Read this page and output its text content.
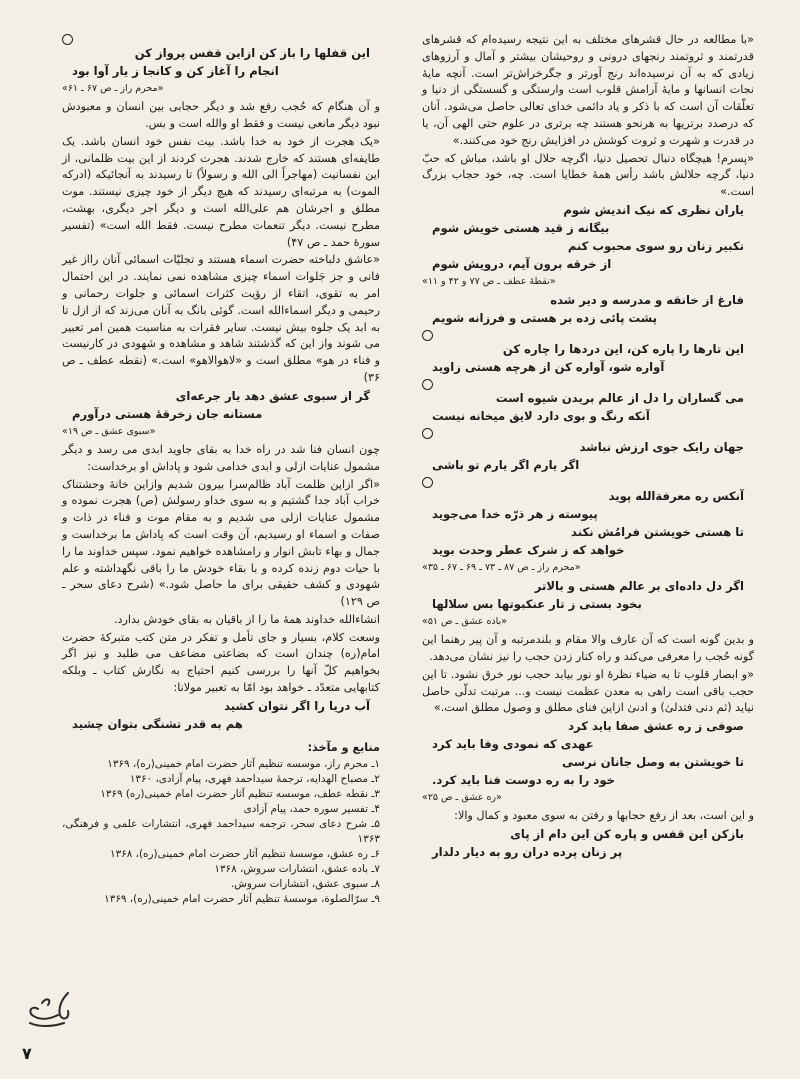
«با مطالعه در حال قشرهای مختلف به این نتیجه رسیده‌ام که قشرهای قدرتمند و ثروتمند رنجهای درونی و روحیشان بیشتر و آمال و آرزوهای زیادی که به آن نرسیده‌اند رنج آورتر و جگرخراش‌تر است. آنچه مایهٔ نجات انسانها و مایهٔ آرامش قلوب است وارستگی و گسستگی از دنیا و تعلّقات آن است که با ذکر و یاد دائمی خدای تعالی حاصل می‌شود. آنان که درصدد برتریها به هرنحو هستند چه برتری در علوم حتی الهی آن، یا در قدرت و شهرت و ثروت کوشش در افزایش رنج خود می‌کنند.»

«پسرم! هیچگاه دنبال تحصیل دنیا، اگرچه حلال او باشد، مباش که حبّ دنیا، گرچه حلالش باشد رأس همهٔ خطایا است. چه، خود حجاب بزرگ است.»

یاران نظری که نیک اندیش شوم
بیگانه ز قید هستی خویش شوم
تکبیر زنان رو سوی محبوب کنم
از خرقه برون آیم، درویش شوم
«نقطهٔ عطف ـ ص ۷۷ و ۴۲ و ۱۱»
فارغ از خانقه و مدرسه و دیر شده
پشت پائی زده بر هستی و فرزانه شویم
این تارها را پاره کن، این دردها را چاره کن
آواره شو، آواره کن از هرچه هستی زاوید
می گساران را دل از عالم بریدن شیوه است
آنکه رنگ و بوی دارد لایق میخانه نیست
جهان رایک جوی ارزش نباشد
اگر یارم اگر یارم تو باشی
آنکس ره معرفةالله پوید
پیوسته ز هر ذرّه خدا می‌جوید
تا هستی خویشتن فرامُش نکند
خواهد که ز شرک عطر وحدت بوید
«محرم راز ـ ص ۸۷ ـ ۷۳ ـ ۶۹ ـ ۶۷ ـ ۳۵»
اگر دل داده‌ای بر عالم هستی و بالاتر
بخود بستی ز تار عنکبوتها بس سلالها
«باده عشق ـ ص ۵۱»

و بدین گونه است که آن عارف والا مقام و بلندمرتبه و آن پیر رهنما این گونه حُجب را معرفی می‌کند و راه کنار زدن حجب را نیز نشان می‌دهد.

«و ابصار قلوب تا به ضیاء نظرهٔ او نور بیابد حجب نور خرق نشود. تا این حجب باقی است راهی به معدن عظمت نیست و... مرتبت تدلّی حاصل نیاید (ثم دنی فتدلیٰ) و ادنیٰ ازاین فنای مطلق و وصول مطلق است.»

صوفی ز ره عشق صفا باید کرد
عهدی که نمودی وفا باید کرد
تا خویشتن به وصل جانان نرسی
خود را به ره دوست فنا باید کرد.
«ره عشق ـ ص ۲۵»

و این است، بعد از رفع حجابها و رفتن به سوی معبود و کمال والا:

بازکن این قفس و پاره کن این دام از پای
پر زنان پرده دران رو به دیار دلدار
این قفلها را باز کن ازاین قفس پرواز کن
انجام را آغاز کن و کانجا ز یار آوا بود
«محرم راز ـ ص ۶۷ ـ ۶۱»

و آن هنگام که حُجب رفع شد و دیگر حجابی بین انسان و معبودش نبود دیگر مانعی نیست و فقط او والله است و بس.

«یک هجرت از خود به خدا باشد. بیت نفس خود انسان باشد. یک طایفه‌ای هستند که خارج شدند. هجرت کردند از این بیت ظلمانی، از این نفسانیت (مهاجراً الی الله و رسولاً) تا رسیدند به آنجائیکه (ادرکه الموت) به مرتبه‌ای رسیدند که هیچ دیگر از خود چیزی نیستند. موت مطلق و اجرشان هم علی‌الله است و دیگر اجر دیگری، بهشت، مطرح نیست. دیگر تنعمات مطرح نیست. فقط الله است» (تفسیر سورهٔ حمد ـ ص ۴۷)

«عاشق دلباخته حضرت اسماء هستند و تجلیّات اسمائی آنان رااز غیر فانی و جز جَلوات اسماء چیزی مشاهده نمی نمایند. در این احتمال امر به تقوی، اتقاء از رؤیت کثرات اسمائی و جلوات رحمانی و رحیمی و دیگر اسماءالله است. گوئی بانگ به آنان می‌زند که از ازل تا به ابد یک جلوه بیش نیست. سایر فقرات به مناسبت همین امر تعبیر می شوند واز این که گذشتند شاهد و مشاهده و شهودی در کارنیست و فناء در هو» مطلق است و «لاهوالاهو» است.» (نقطه عطف ـ ص ۳۶)

گر از سبوی عشق دهد یار جرعه‌ای
مستانه جان زخرقهٔ هستی درآورم
«سبوی عشق ـ ص ۱۹»

چون انسان فنا شد در راه خدا به بقای جاوید ابدی می رسد و دیگر مشمول عنایات ازلی و ابدی خدامی شود و پاداش او برخداست:

«اگر ازاین ظلمت آباد ظالم‌سرا بیرون شدیم وازاین خانهٔ وحشتناک خراب آباد جدا گشتیم و به سوی خداو رسولش (ص) هجرت نموده و مشمول عنایات ازلی می شدیم و به مقام موت و فناء در ذات و صفات و اسماء او رسیدیم، آن وقت است که پاداش ما برخداست و جمال و بهاء تابش انوار و رامشاهده خواهیم نمود. سپس خداوند ما را با حیات دوم زنده کرده و با بقاء خودش ما را باقی نگهداشته و علم شهودی و کشف حقیقی برای ما حاصل شود.» (شرح دعای سحر ـ ص ۱۲۹)

انشاءالله خداوند همهٔ ما را از باقیان به بقای خودش بدارد.

وسعت کلام، بسیار و جای تأمل و تفکر در متن کتب متبرکهٔ حضرت امام(ره) چندان است که بضاعتی مضاعف می طلبد و نیز اگر بخواهیم کلّ آنها را بررسی کنیم احتیاج به نگارش کتاب ـ وبلکه کتابهایی متعدّد ـ خواهد بود امّا به تعبیر مولانا:

آب دریا را اگر نتوان کشید
هم به قدر تشنگی بتوان چشید
منابع و مآخذ:
۱ـ محرم راز، موسسه تنظیم آثار حضرت امام خمینی(ره)، ۱۳۶۹
۲ـ مصباح الهدایه، ترجمهٔ سیداحمد فهری، پیام آزادی، ۱۳۶۰
۳ـ نقطه عطف، موسسه تنظیم آثار حضرت امام خمینی(ره) ۱۳۶۹
۴ـ تفسیر سوره حمد، پیام آزادی
۵ـ شرح دعای سحر، ترجمه سیداحمد فهری، انتشارات علمی و فرهنگی، ۱۳۶۳
۶ـ ره عشق، موسسهٔ تنظیم آثار حضرت امام خمینی(ره)، ۱۳۶۸
۷ـ باده عشق، انتشارات سروش، ۱۳۶۸
۸ـ سبوی عشق، انتشارات سروش.
۹ـ سرّالصلوة، موسسهٔ تنظیم آثار حضرت امام خمینی(ره)، ۱۳۶۹
۷
